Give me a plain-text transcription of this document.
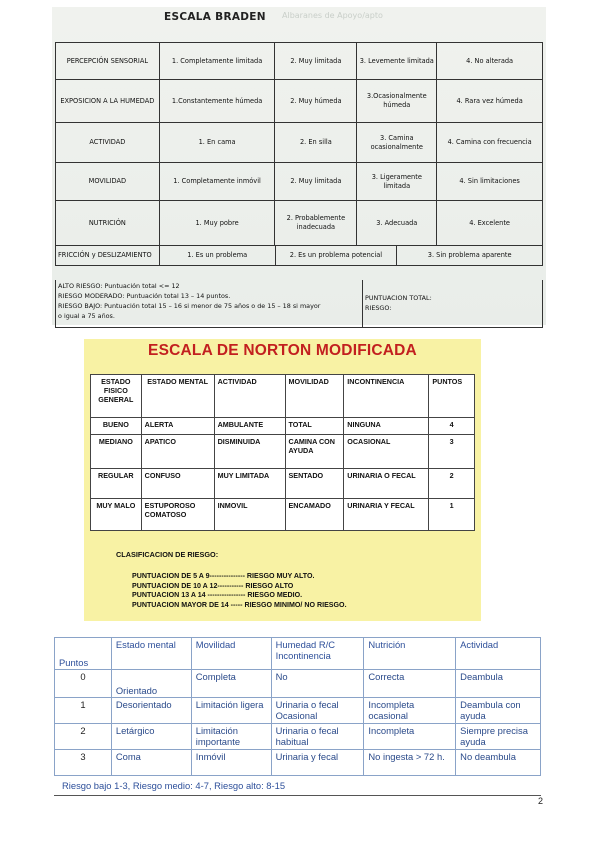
Albaranes de Apoyo/apto
ESCALA BRADEN
PERCEPCIÓN SENSORIAL	1. Completamente limitada	2. Muy limitada	3. Levemente limitada	4. No alterada
EXPOSICION A LA HUMEDAD	1.Constantemente húmeda	2. Muy húmeda	3.Ocasionalmente húmeda	4. Rara vez húmeda
ACTIVIDAD	1. En cama	2. En silla	3. Camina ocasionalmente	4. Camina con frecuencia
MOVILIDAD	1. Completamente inmóvil	2. Muy limitada	3. Ligeramente limitada	4. Sin limitaciones
NUTRICIÓN	1. Muy pobre	2. Probablemente inadecuada	3. Adecuada	4. Excelente
FRICCIÓN y DESLIZAMIENTO	1. Es un problema	2. Es un problema potencial	3. Sin problema aparente
ALTO RIESGO: Puntuación total <= 12
RIESGO MODERADO: Puntuación total 13 – 14 puntos.
RIESGO BAJO: Puntuación total 15 – 16 si menor de 75 años o de 15 – 18 si mayor
o igual a 75 años.
PUNTUACION TOTAL:
RIESGO:
ESCALA DE NORTON MODIFICADA
ESTADO FISICO GENERAL	ESTADO MENTAL	ACTIVIDAD	MOVILIDAD	INCONTINENCIA	PUNTOS
BUENO	ALERTA	AMBULANTE	TOTAL	NINGUNA	4
MEDIANO	APATICO	DISMINUIDA	CAMINA CON AYUDA	OCASIONAL	3
REGULAR	CONFUSO	MUY LIMITADA	SENTADO	URINARIA O FECAL	2
MUY MALO	ESTUPOROSO COMATOSO	INMOVIL	ENCAMADO	URINARIA Y FECAL	1
CLASIFICACION DE RIESGO:
PUNTUACION DE 5 A 9--------------- RIESGO MUY ALTO.
PUNTUACION DE 10 A 12----------- RIESGO ALTO
PUNTUACION 13 A 14 ---------------- RIESGO MEDIO.
PUNTUACION MAYOR DE 14 ----- RIESGO MINIMO/ NO RIESGO.
Puntos	Estado mental	Movilidad	Humedad R/C Incontinencia	Nutrición	Actividad
0	Orientado	Completa	No	Correcta	Deambula
1	Desorientado	Limitación ligera	Urinaria o fecal Ocasional	Incompleta ocasional	Deambula con ayuda
2	Letárgico	Limitación importante	Urinaria o fecal habitual	Incompleta	Siempre precisa ayuda
3	Coma	Inmóvil	Urinaria y fecal	No ingesta > 72 h.	No deambula
Riesgo bajo 1-3, Riesgo medio: 4-7, Riesgo alto: 8-15
2
